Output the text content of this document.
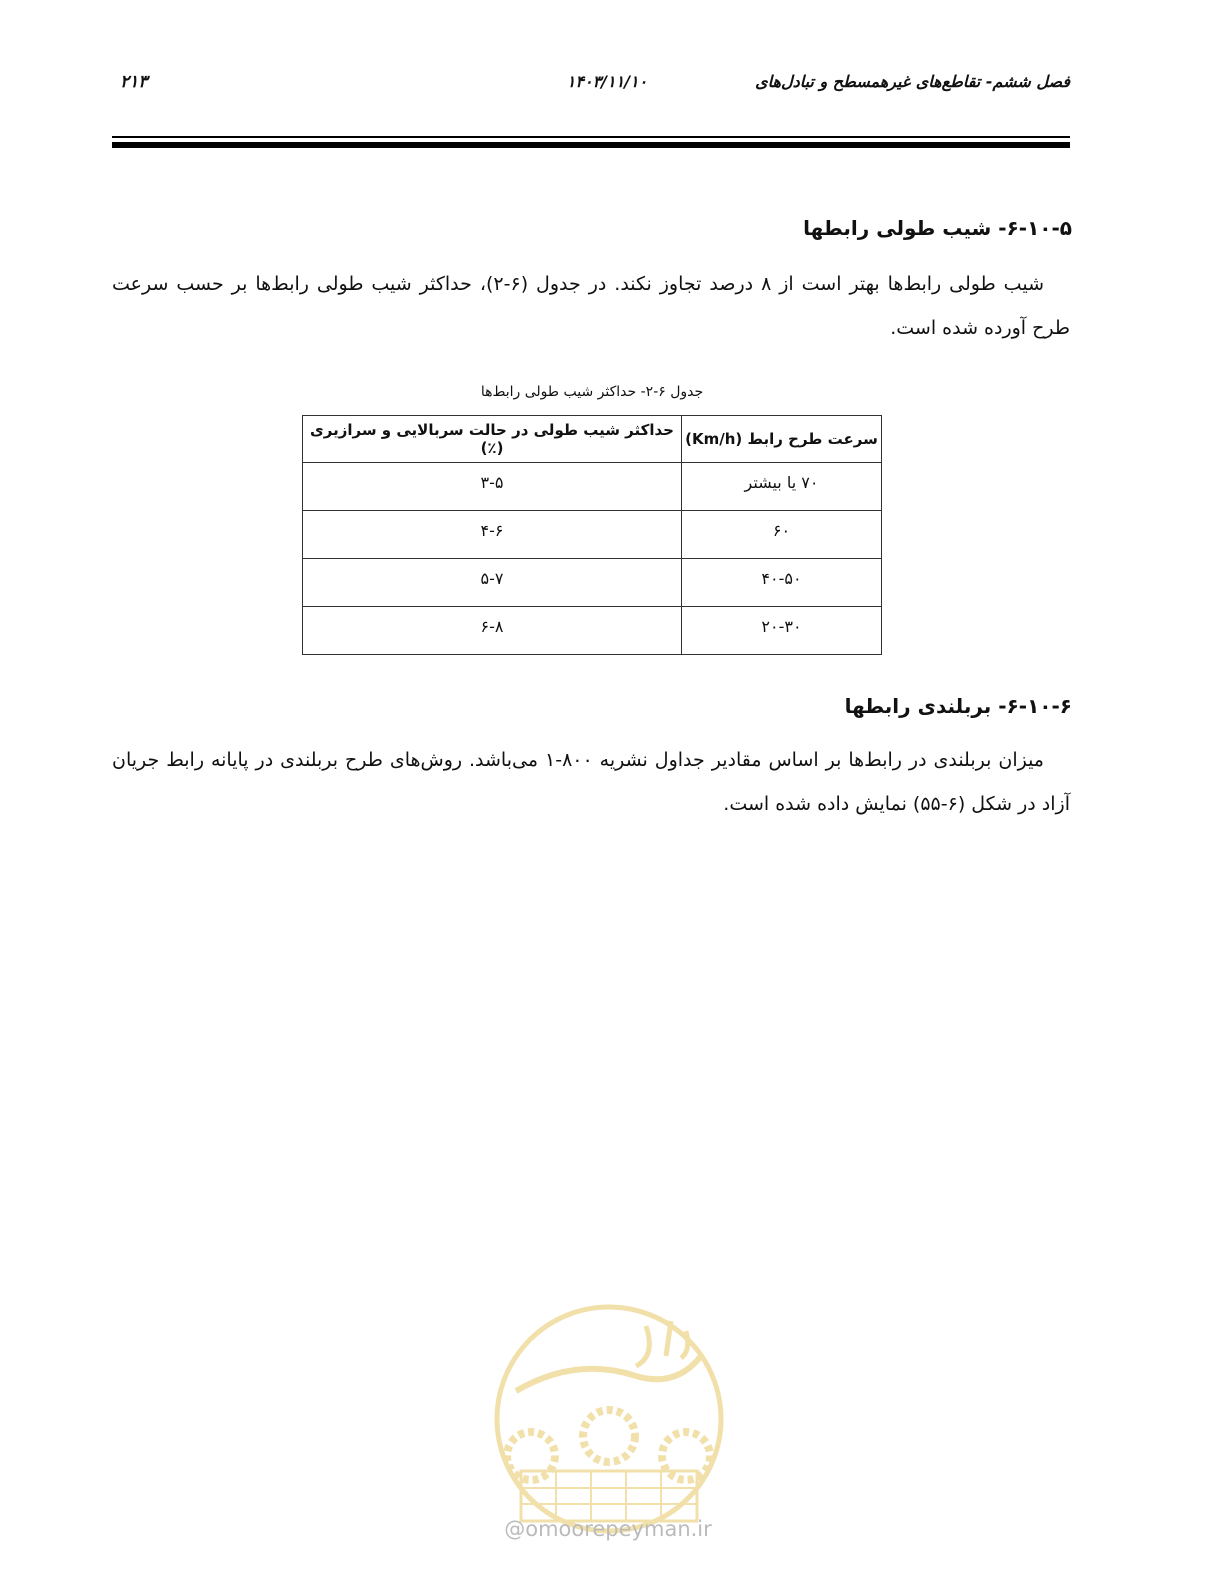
فصل ششم- تقاطع‌های غیرهمسطح و تبادل‌های
۱۴۰۳/۱۱/۱۰
۲۱۳
۶-۱۰-۵- شیب طولی رابطها
شیب طولی رابط‌ها بهتر است از ۸ درصد تجاوز نکند. در جدول (۶-۲)، حداکثر شیب طولی رابط‌ها بر حسب سرعت طرح آورده شده است.
جدول ۶-۲- حداکثر شیب طولی رابط‌ها
سرعت طرح رابط (Km/h)	حداکثر شیب طولی در حالت سربالایی و سرازیری (٪)
۷۰ یا بیشتر	۳-۵
۶۰	۴-۶
۴۰-۵۰	۵-۷
۲۰-۳۰	۶-۸
۶-۱۰-۶- بربلندی رابطها
میزان بربلندی در رابط‌ها بر اساس مقادیر جداول نشریه ۸۰۰-۱ می‌باشد. روش‌های طرح بربلندی در پایانه رابط جریان آزاد در شکل (۶-۵۵) نمایش داده شده است.
@omoorepeyman.ir
